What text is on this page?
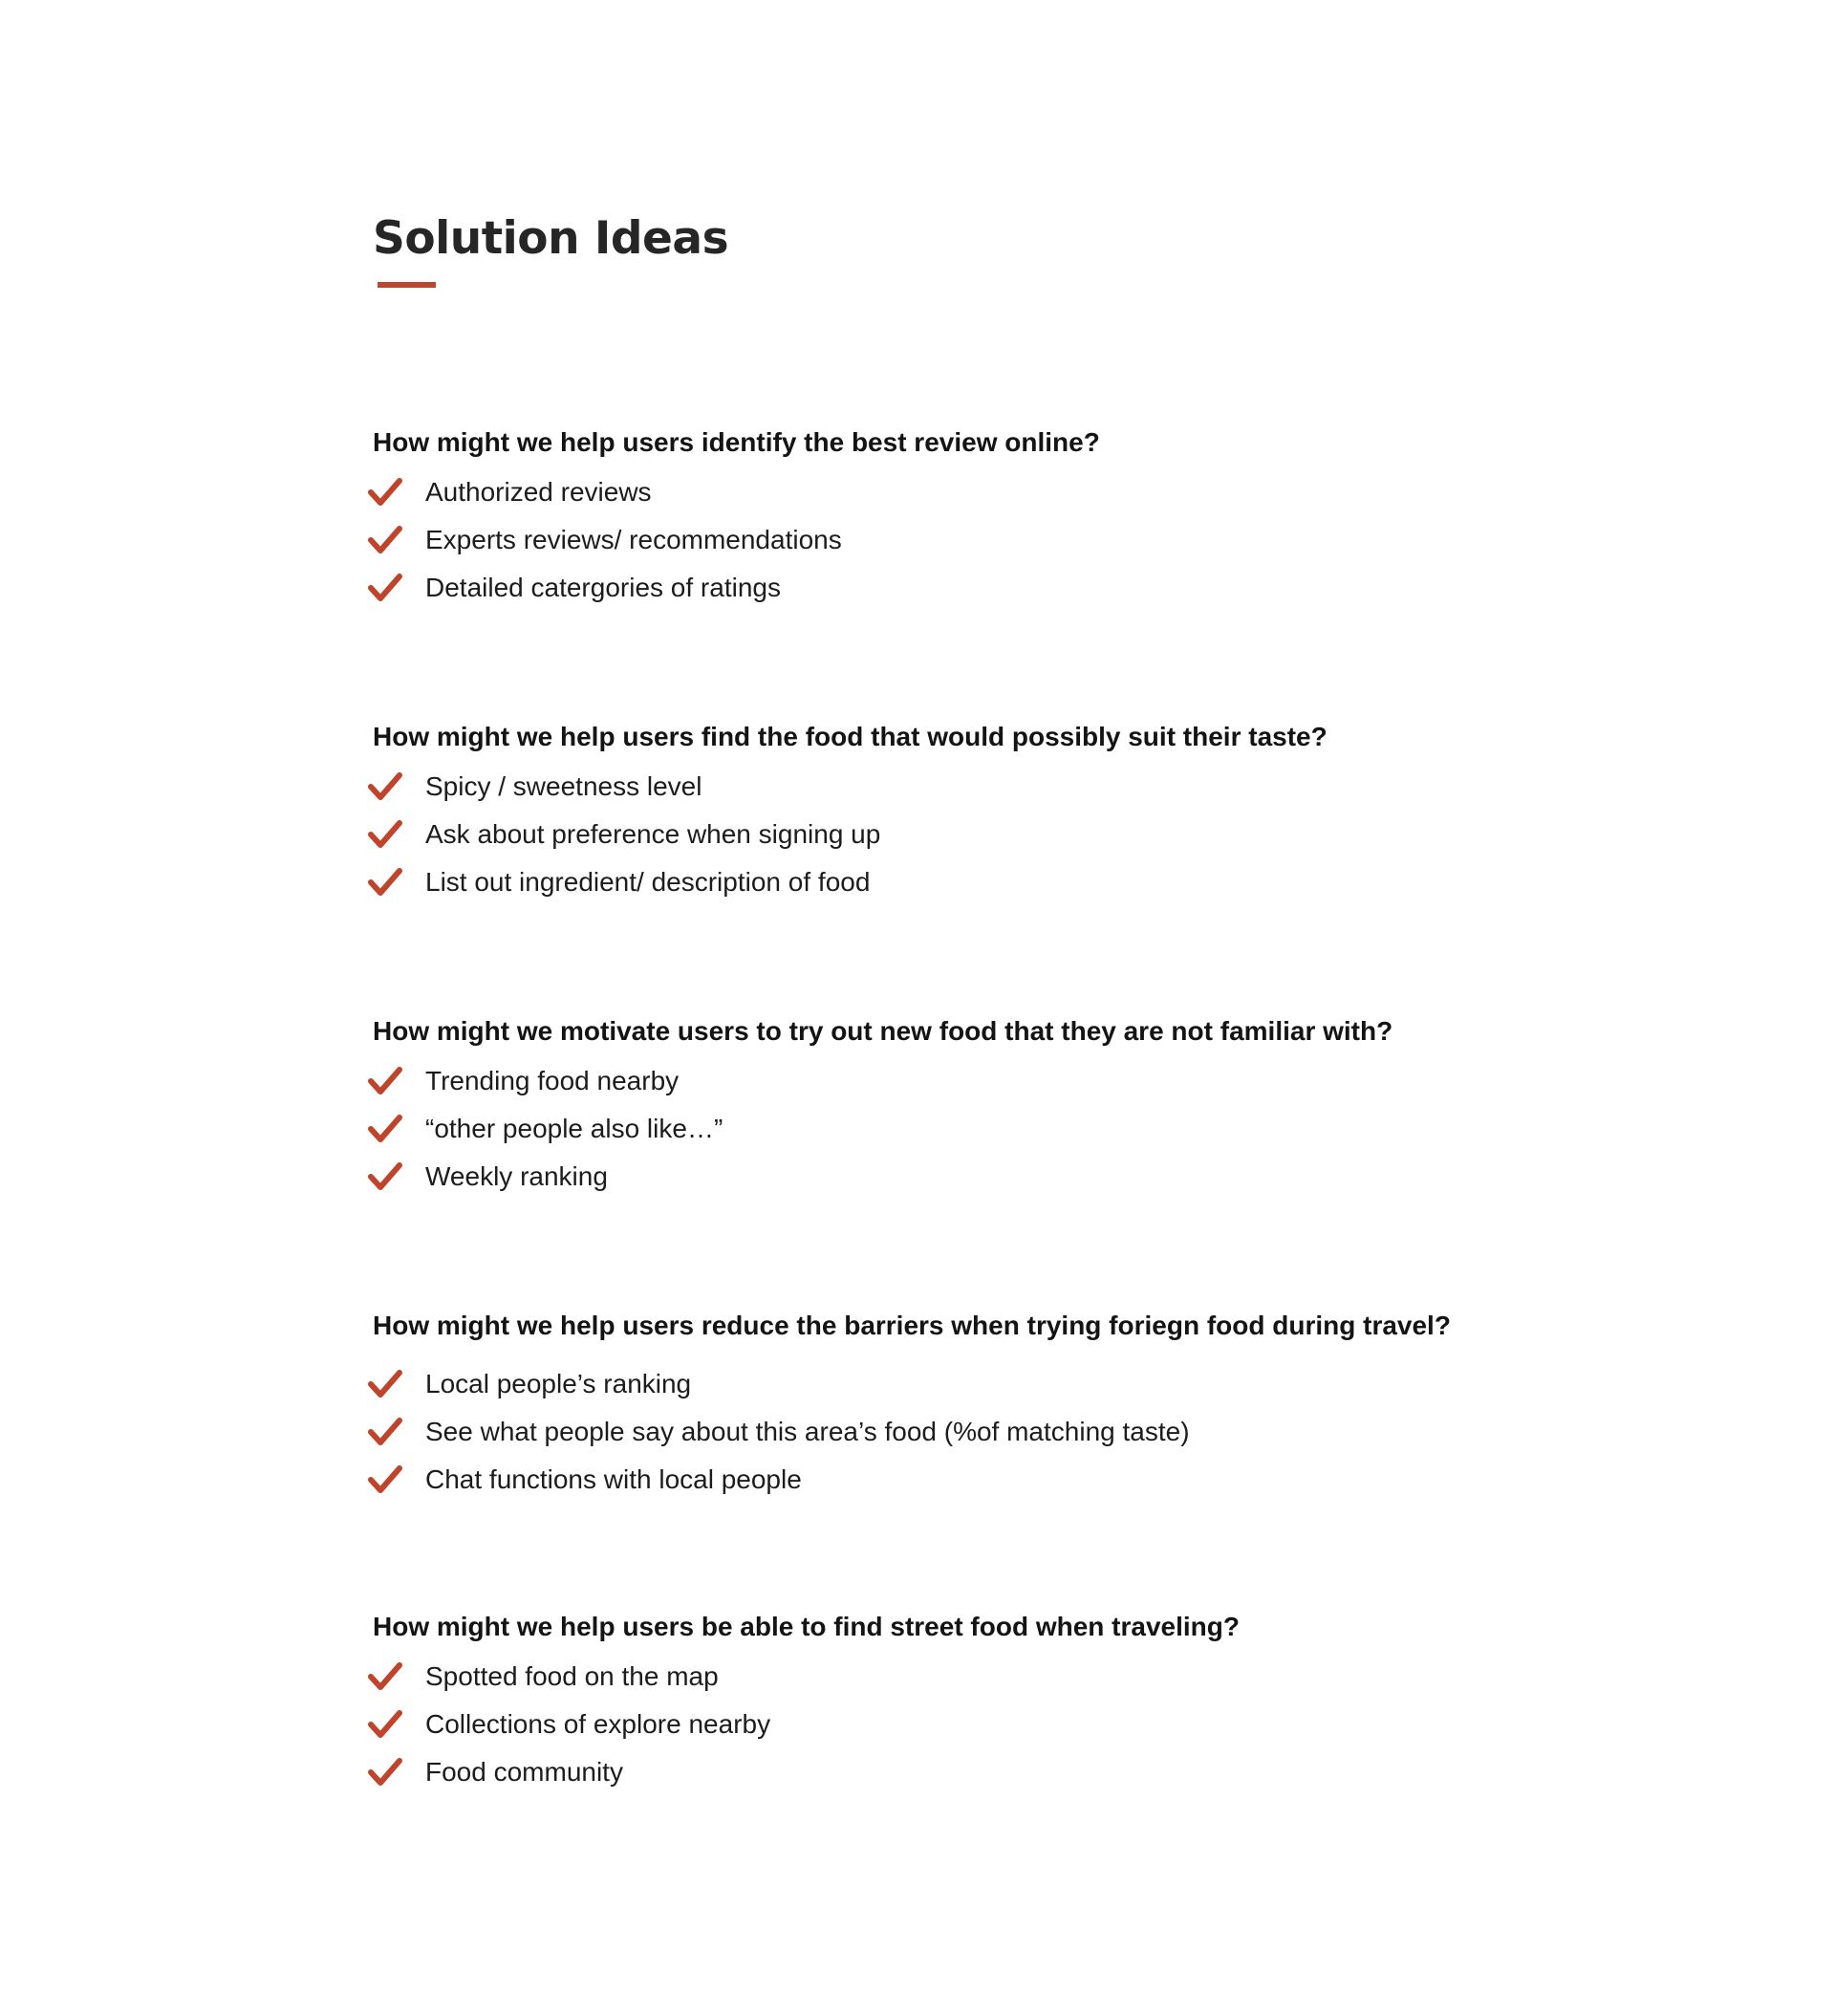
Solution Ideas
How might we help users identify the best review online?
Authorized reviews
Experts reviews/ recommendations
Detailed catergories of ratings
How might we help users find the food that would possibly suit their taste?
Spicy / sweetness level
Ask about preference when signing up
List out ingredient/ description of food
How might we motivate users to try out new food that they are not familiar with?
Trending food nearby
“other people also like…”
Weekly ranking
How might we help users reduce the barriers when trying foriegn food during travel?
Local people’s ranking
See what people say about this area’s food (%of matching taste)
Chat functions with local people
How might we help users be able to find street food when traveling?
Spotted food on the map
Collections of explore nearby
Food community
